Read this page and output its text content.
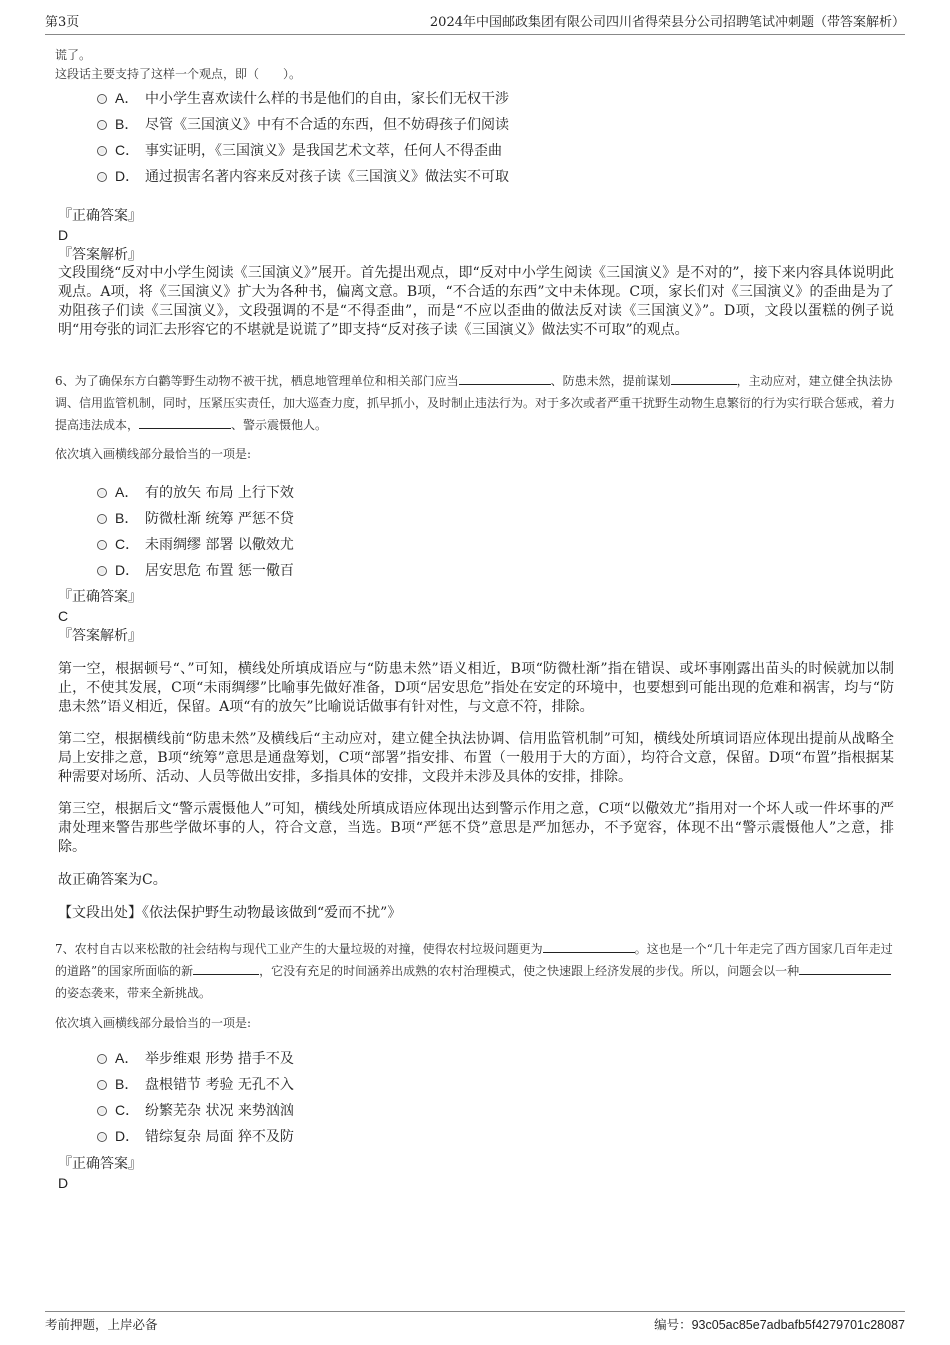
第3页	2024年中国邮政集团有限公司四川省得荣县分公司招聘笔试冲刺题（带答案解析）
谎了。
这段话主要支持了这样一个观点，即（　　）。
A． 中小学生喜欢读什么样的书是他们的自由，家长们无权干涉
B． 尽管《三国演义》中有不合适的东西，但不妨碍孩子们阅读
C． 事实证明，《三国演义》是我国艺术文萃，任何人不得歪曲
D． 通过损害名著内容来反对孩子读《三国演义》做法实不可取
『正确答案』
D
『答案解析』
文段围绕“反对中小学生阅读《三国演义》”展开。首先提出观点，即“反对中小学生阅读《三国演义》是不对的”，接下来内容具体说明此观点。A项，将《三国演义》扩大为各种书，偏离文意。B项，“不合适的东西”文中未体现。C项，家长们对《三国演义》的歪曲是为了劝阻孩子们读《三国演义》，文段强调的不是“不得歪曲”，而是“不应以歪曲的做法反对读《三国演义》”。D项，文段以蛋糕的例子说明“用夸张的词汇去形容它的不堪就是说谎了”即支持“反对孩子读《三国演义》做法实不可取”的观点。
6、为了确保东方白鹳等野生动物不被干扰，栖息地管理单位和相关部门应当	、防患未然，提前谋划	，主动应对，建立健全执法协调、信用监管机制，同时，压紧压实责任，加大巡查力度，抓早抓小，及时制止违法行为。对于多次或者严重干扰野生动物生息繁衍的行为实行联合惩戒，着力提高违法成本，	、警示震慑他人。
依次填入画横线部分最恰当的一项是:
A． 有的放矢 布局 上行下效
B． 防微杜渐 统筹 严惩不贷
C． 未雨绸缪 部署 以儆效尤
D． 居安思危 布置 惩一儆百
『正确答案』
C
『答案解析』
第一空，根据顿号“、”可知，横线处所填成语应与“防患未然”语义相近，B项“防微杜渐”指在错误、或坏事刚露出苗头的时候就加以制止，不使其发展，C项“未雨绸缪”比喻事先做好准备，D项“居安思危”指处在安定的环境中，也要想到可能出现的危难和祸害，均与“防患未然”语义相近，保留。A项“有的放矢”比喻说话做事有针对性，与文意不符，排除。
第二空，根据横线前“防患未然”及横线后“主动应对，建立健全执法协调、信用监管机制”可知，横线处所填词语应体现出提前从战略全局上安排之意，B项“统筹”意思是通盘筹划，C项“部署”指安排、布置（一般用于大的方面），均符合文意，保留。D项“布置”指根据某种需要对场所、活动、人员等做出安排，多指具体的安排，文段并未涉及具体的安排，排除。
第三空，根据后文“警示震慑他人”可知，横线处所填成语应体现出达到警示作用之意，C项“以儆效尤”指用对一个坏人或一件坏事的严肃处理来警告那些学做坏事的人，符合文意，当选。B项“严惩不贷”意思是严加惩办，不予宽容，体现不出“警示震慑他人”之意，排除。
故正确答案为C。
【文段出处】《依法保护野生动物最该做到“爱而不扰”》
7、农村自古以来松散的社会结构与现代工业产生的大量垃圾的对撞，使得农村垃圾问题更为	。这也是一个“几十年走完了西方国家几百年走过的道路”的国家所面临的新	，它没有充足的时间涵养出成熟的农村治理模式，使之快速跟上经济发展的步伐。所以，问题会以一种的姿态袭来，带来全新挑战。
依次填入画横线部分最恰当的一项是:
A． 举步维艰 形势 措手不及
B． 盘根错节 考验 无孔不入
C． 纷繁芜杂 状况 来势汹汹
D． 错综复杂 局面 猝不及防
『正确答案』
D
考前押题，上岸必备	编号：93c05ac85e7adbafb5f4279701c28087
